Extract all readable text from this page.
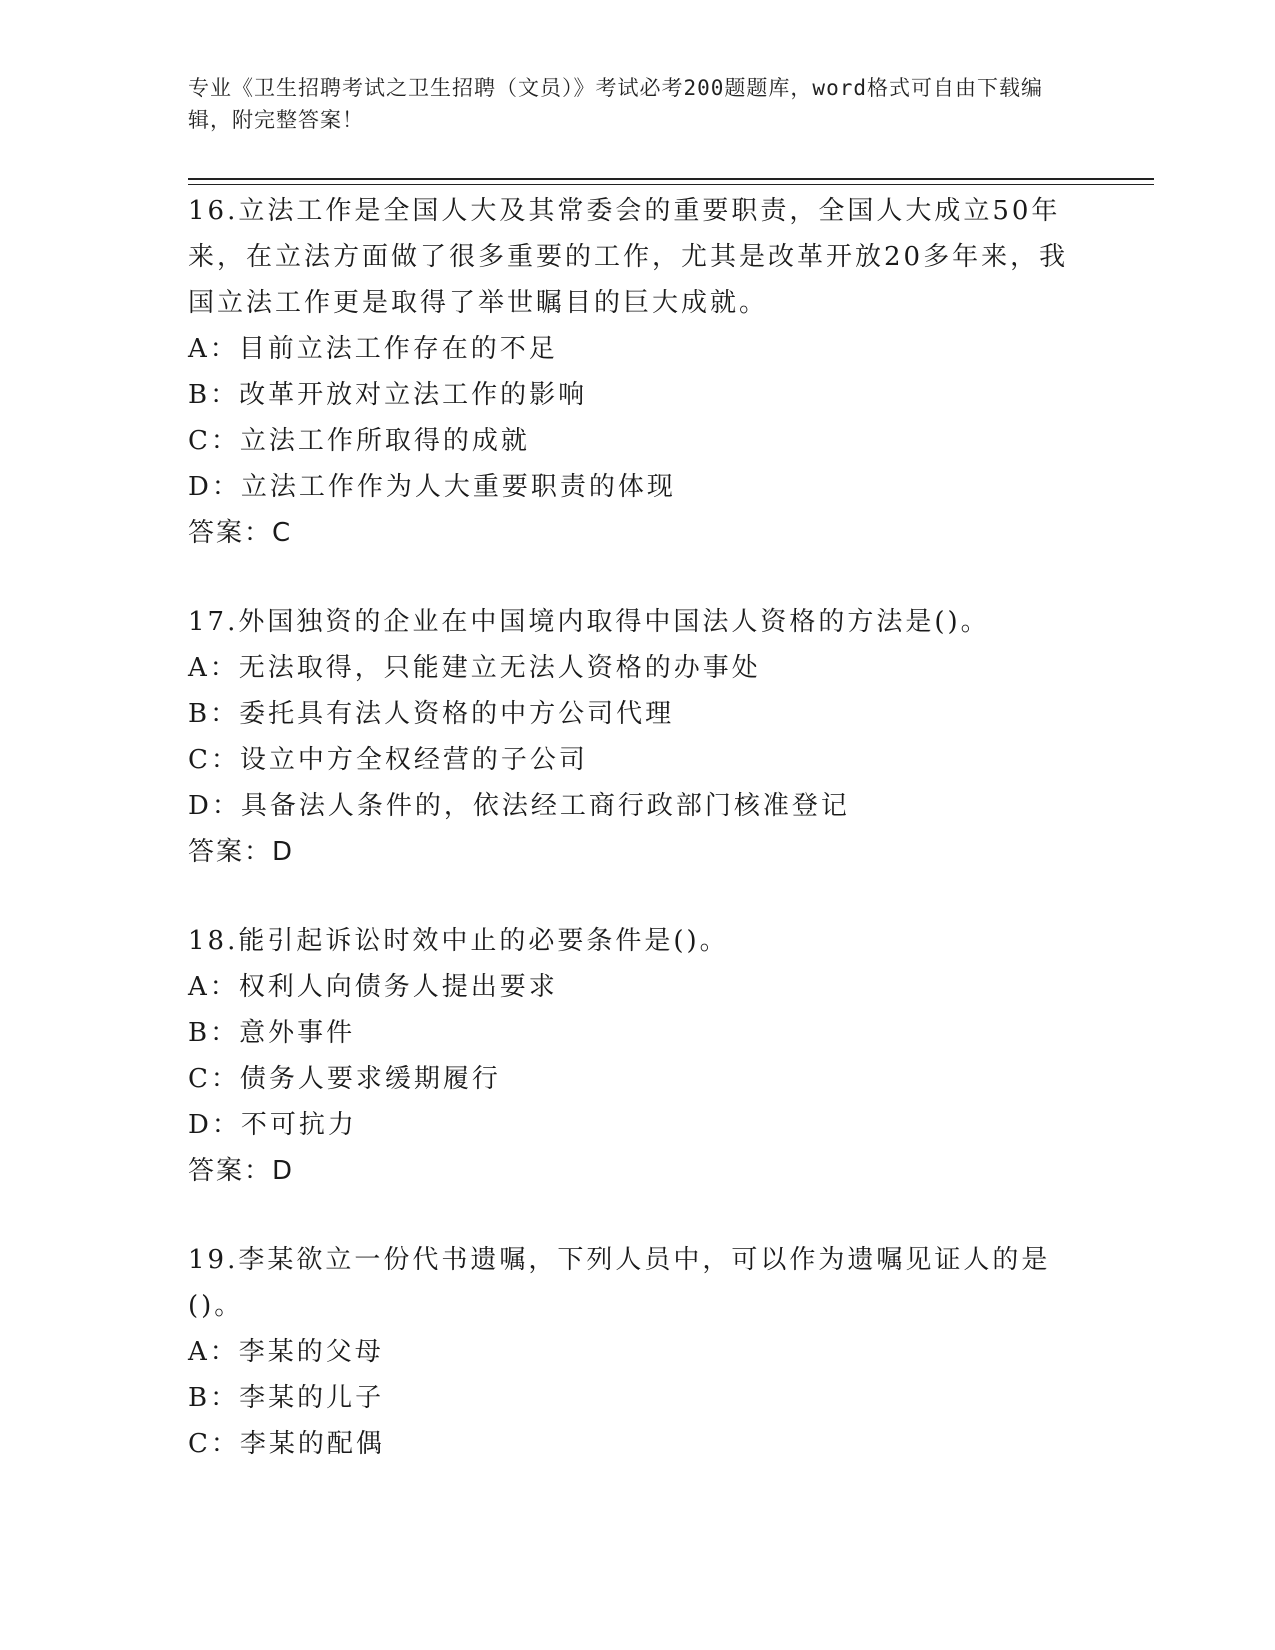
专业《卫生招聘考试之卫生招聘（文员）》考试必考200题题库，word格式可自由下载编辑，附完整答案！

16.立法工作是全国人大及其常委会的重要职责，全国人大成立50年来，在立法方面做了很多重要的工作，尤其是改革开放20多年来，我国立法工作更是取得了举世瞩目的巨大成就。

A：目前立法工作存在的不足

B：改革开放对立法工作的影响

C：立法工作所取得的成就

D：立法工作作为人大重要职责的体现

答案：C

17.外国独资的企业在中国境内取得中国法人资格的方法是()。

A：无法取得，只能建立无法人资格的办事处

B：委托具有法人资格的中方公司代理

C：设立中方全权经营的子公司

D：具备法人条件的，依法经工商行政部门核准登记

答案：D

18.能引起诉讼时效中止的必要条件是()。

A：权利人向债务人提出要求

B：意外事件

C：债务人要求缓期履行

D：不可抗力

答案：D

19.李某欲立一份代书遗嘱，下列人员中，可以作为遗嘱见证人的是()。

A：李某的父母

B：李某的儿子

C：李某的配偶
